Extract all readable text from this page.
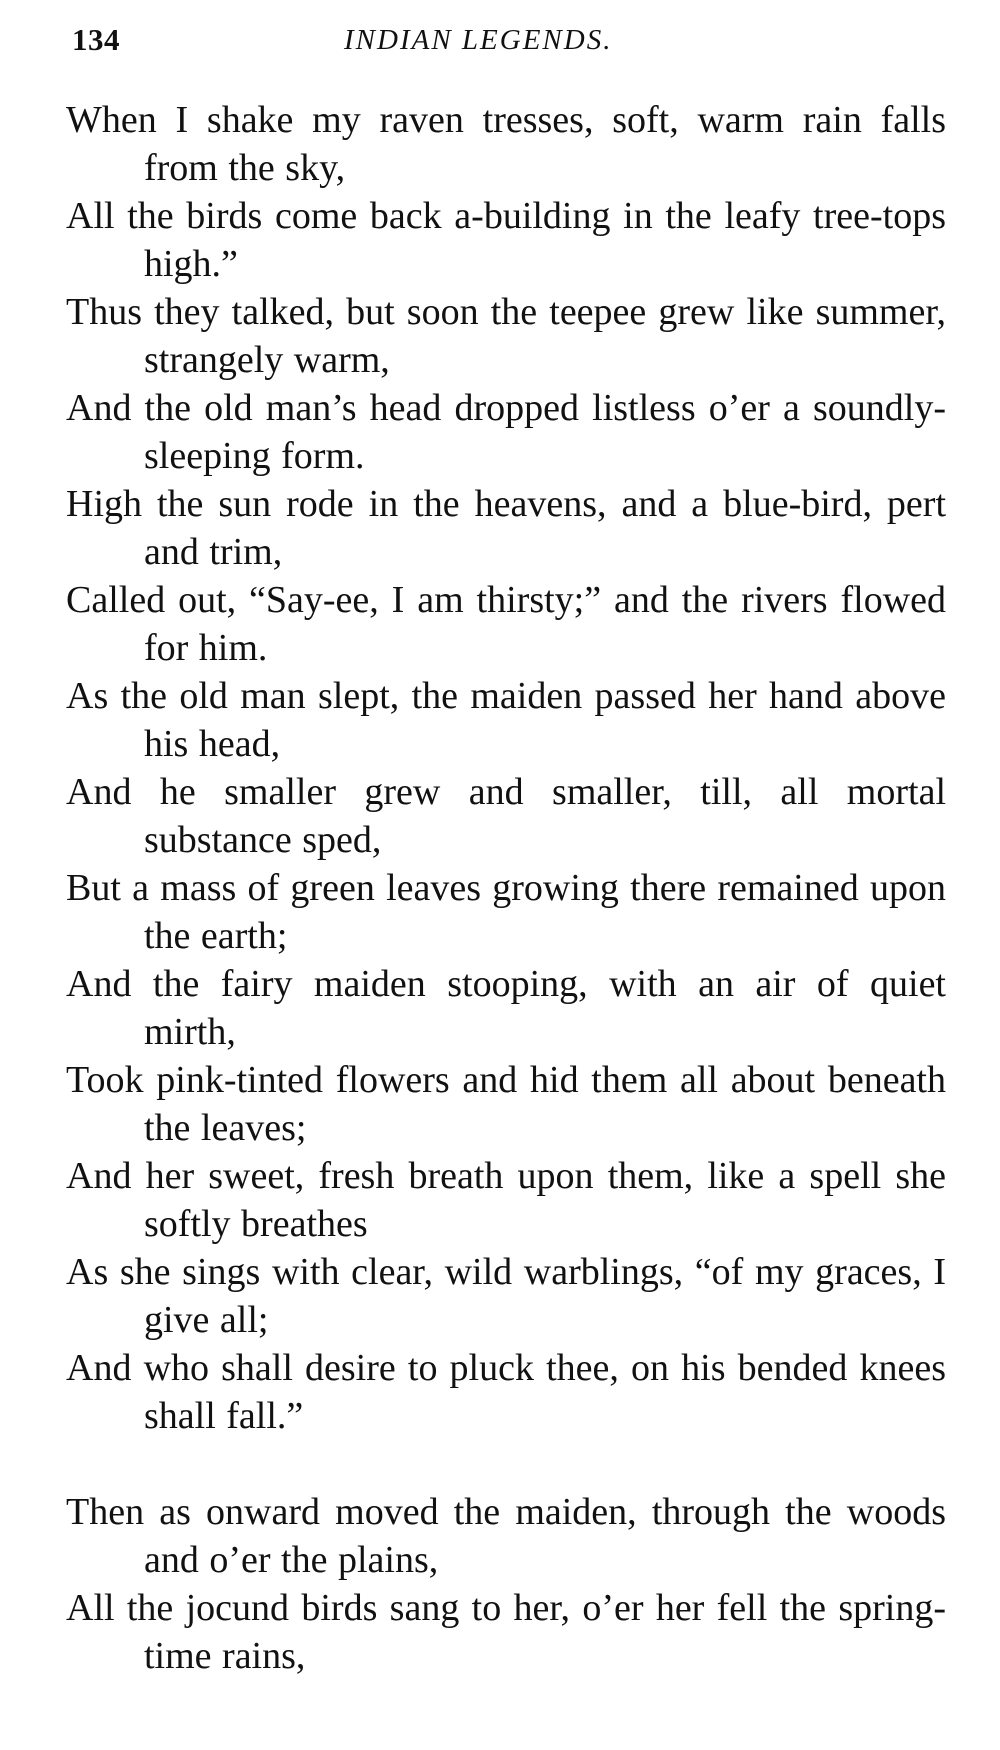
134	INDIAN LEGENDS.

When I shake my raven tresses, soft, warm rain falls from the sky,

All the birds come back a-building in the leafy tree-tops high.”

Thus they talked, but soon the teepee grew like summer, strangely warm,

And the old man’s head dropped listless o’er a soundly-sleeping form.

High the sun rode in the heavens, and a blue-bird, pert and trim,

Called out, “Say-ee, I am thirsty;” and the rivers flowed for him.

As the old man slept, the maiden passed her hand above his head,

And he smaller grew and smaller, till, all mortal substance sped,

But a mass of green leaves growing there remained upon the earth;

And the fairy maiden stooping, with an air of quiet mirth,

Took pink-tinted flowers and hid them all about beneath the leaves;

And her sweet, fresh breath upon them, like a spell she softly breathes

As she sings with clear, wild warblings, “of my graces, I give all;

And who shall desire to pluck thee, on his bended knees shall fall.”

Then as onward moved the maiden, through the woods and o’er the plains,

All the jocund birds sang to her, o’er her fell the spring-time rains,
